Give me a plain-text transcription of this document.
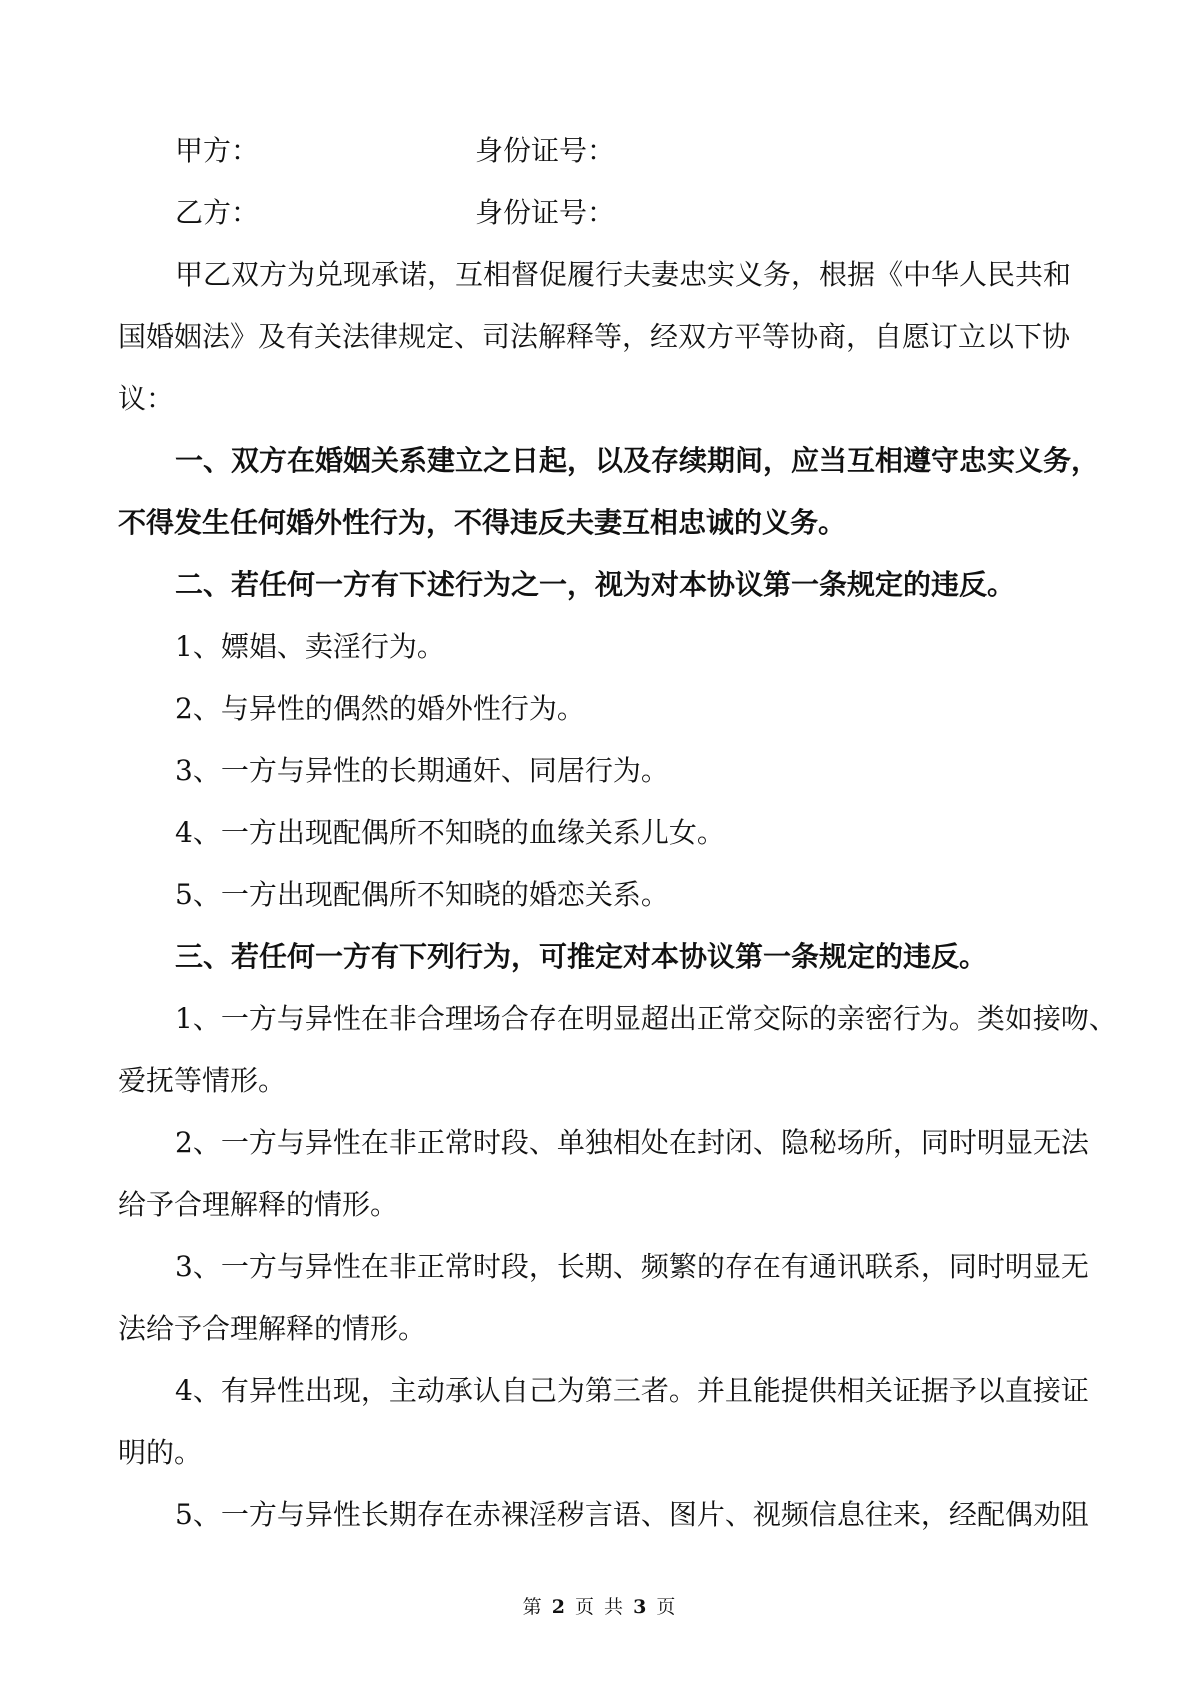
甲方：	身份证号：
乙方：	身份证号：

甲乙双方为兑现承诺，互相督促履行夫妻忠实义务，根据《中华人民共和

国婚姻法》及有关法律规定、司法解释等，经双方平等协商，自愿订立以下协

议：

一、双方在婚姻关系建立之日起，以及存续期间，应当互相遵守忠实义务，

不得发生任何婚外性行为，不得违反夫妻互相忠诚的义务。

二、若任何一方有下述行为之一，视为对本协议第一条规定的违反。

1、嫖娼、卖淫行为。

2、与异性的偶然的婚外性行为。

3、一方与异性的长期通奸、同居行为。

4、一方出现配偶所不知晓的血缘关系儿女。

5、一方出现配偶所不知晓的婚恋关系。

三、若任何一方有下列行为，可推定对本协议第一条规定的违反。

1、一方与异性在非合理场合存在明显超出正常交际的亲密行为。类如接吻、

爱抚等情形。

2、一方与异性在非正常时段、单独相处在封闭、隐秘场所，同时明显无法

给予合理解释的情形。

3、一方与异性在非正常时段，长期、频繁的存在有通讯联系，同时明显无

法给予合理解释的情形。

4、有异性出现，主动承认自己为第三者。并且能提供相关证据予以直接证

明的。

5、一方与异性长期存在赤裸淫秽言语、图片、视频信息往来，经配偶劝阻

第 2 页 共 3 页
